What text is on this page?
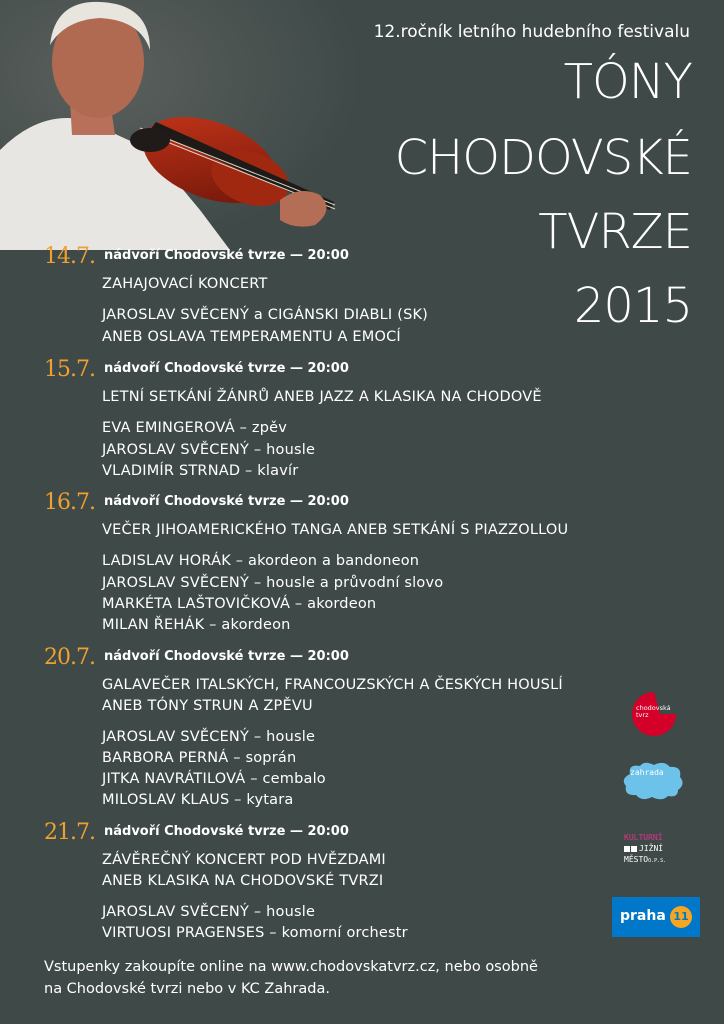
12.ročník letního hudebního festivalu
TÓNY
CHODOVSKÉ
TVRZE
2015
14.7. nádvoří Chodovské tvrze — 20:00
ZAHAJOVACÍ KONCERT
JAROSLAV SVĚCENÝ a CIGÁNSKI DIABLI (SK)
ANEB OSLAVA TEMPERAMENTU A EMOCÍ
15.7. nádvoří Chodovské tvrze — 20:00
LETNÍ SETKÁNÍ ŽÁNRŮ ANEB JAZZ A KLASIKA NA CHODOVĚ
EVA EMINGEROVÁ – zpěv
JAROSLAV SVĚCENÝ – housle
VLADIMÍR STRNAD – klavír
16.7. nádvoří Chodovské tvrze — 20:00
VEČER JIHOAMERICKÉHO TANGA ANEB SETKÁNÍ S PIAZZOLLOU
LADISLAV HORÁK – akordeon a bandoneon
JAROSLAV SVĚCENÝ – housle a průvodní slovo
MARKÉTA LAŠTOVIČKOVÁ – akordeon
MILAN ŘEHÁK – akordeon
20.7. nádvoří Chodovské tvrze — 20:00
GALAVEČER ITALSKÝCH, FRANCOUZSKÝCH A ČESKÝCH HOUSLÍ
ANEB TÓNY STRUN A ZPĚVU
JAROSLAV SVĚCENÝ – housle
BARBORA PERNÁ – soprán
JITKA NAVRÁTILOVÁ – cembalo
MILOSLAV KLAUS – kytara
21.7. nádvoří Chodovské tvrze — 20:00
ZÁVĚREČNÝ KONCERT POD HVĚZDAMI
ANEB KLASIKA NA CHODOVSKÉ TVRZI
JAROSLAV SVĚCENÝ – housle
VIRTUOSI PRAGENSES – komorní orchestr
Vstupenky zakoupíte online na www.chodovskatvrz.cz, nebo osobně
na Chodovské tvrzi nebo v KC Zahrada.
chodovská
tvrz
zahrada
KULTURNÍ
JIŽNÍ
MĚSTOO.P.S.
praha 11
